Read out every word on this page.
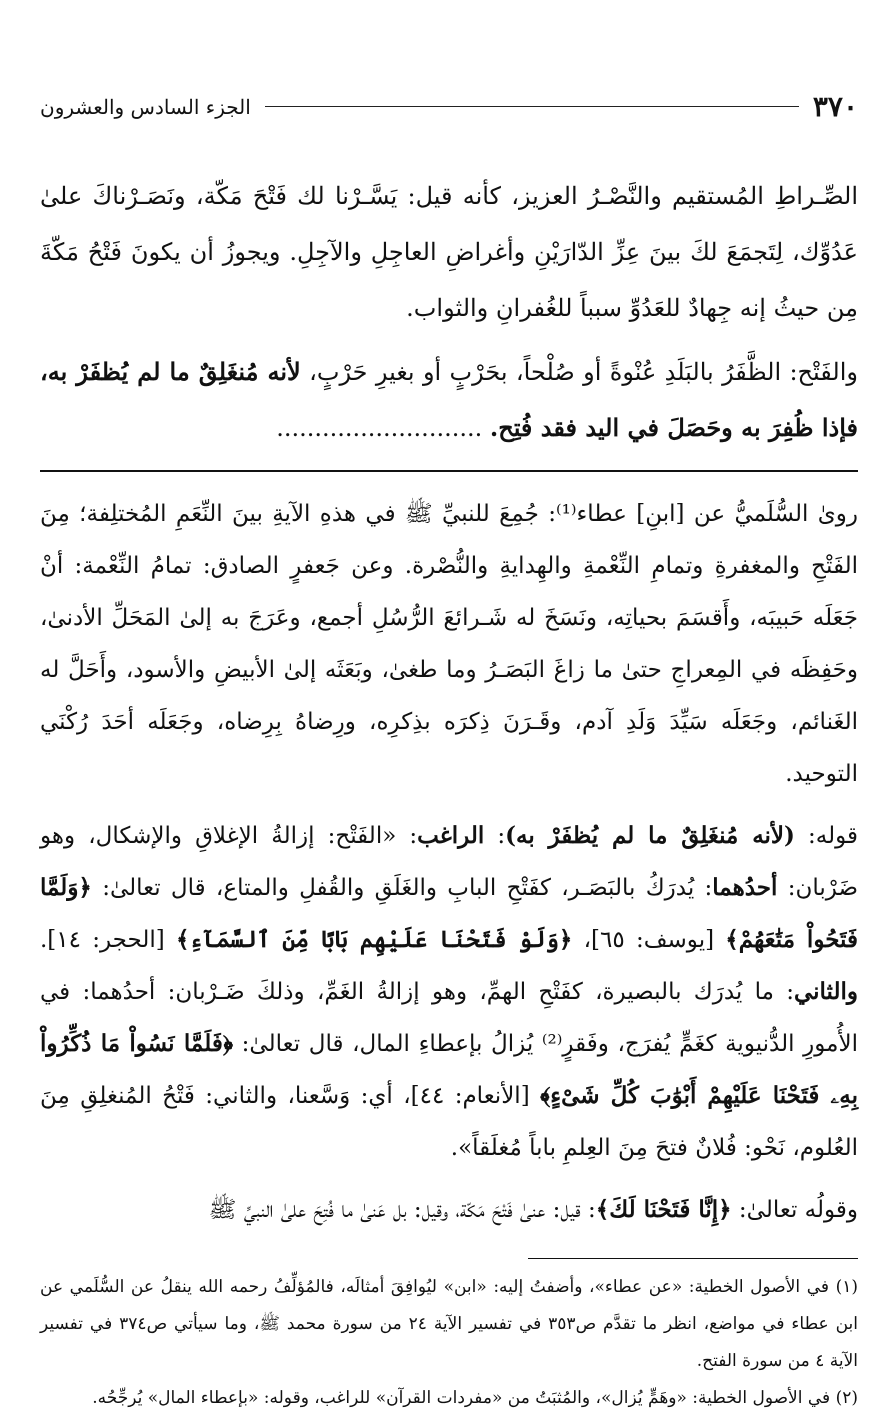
٣٧٠
الجزء السادس والعشرون

الصِّـراطِ المُستقيم والنَّصْـرُ العزيز، كأنه قيل: يَسَّـرْنا لك فَتْحَ مَكّة، ونَصَـرْناكَ علىٰ عَدُوِّك، لِتَجمَعَ لكَ بينَ عِزِّ الدّارَيْنِ وأغراضِ العاجِلِ والآجِلِ. ويجوزُ أن يكونَ فَتْحُ مَكّةَ مِن حيثُ إنه جِهادٌ للعَدُوِّ سبباً للغُفرانِ والثواب.

والفَتْح: الظَّفَرُ بالبَلَدِ عُنْوةً أو صُلْحاً، بحَرْبٍ أو بغيرِ حَرْبٍ، لأنه مُنغَلِقٌ ما لم يُظفَرْ به، فإذا ظُفِرَ به وحَصَلَ في اليد فقد فُتِح. ...........................

روىٰ السُّلَميُّ عن [ابنِ] عطاء⁽¹⁾: جُمِعَ للنبيِّ ﷺ في هذهِ الآيةِ بينَ النِّعَمِ المُختلِفة؛ مِنَ الفَتْحِ والمغفرةِ وتمامِ النِّعْمةِ والهِدايةِ والنُّصْرة. وعن جَعفرٍ الصادق: تمامُ النِّعْمة: أنْ جَعَلَه حَبيبَه، وأَقسَمَ بحياتِه، ونَسَخَ له شَـرائعَ الرُّسُلِ أجمع، وعَرَجَ به إلىٰ المَحَلِّ الأدنىٰ، وحَفِظَه في المِعراجِ حتىٰ ما زاغَ البَصَـرُ وما طغىٰ، وبَعَثَه إلىٰ الأبيضِ والأسود، وأَحَلَّ له الغَنائم، وجَعَلَه سَيِّدَ وَلَدِ آدم، وقَـرَنَ ذِكرَه بذِكرِه، ورِضاهُ بِرِضاه، وجَعَلَه أحَدَ رُكْنَي التوحيد.

قوله: (لأنه مُنغَلِقٌ ما لم يُظفَرْ به): الراغب: «الفَتْح: إزالةُ الإغلاقِ والإشكال، وهو ضَرْبان: أحدُهما: يُدرَكُ بالبَصَـر، كفَتْحِ البابِ والغَلَقِ والقُفلِ والمتاع، قال تعالىٰ: ﴿وَلَمَّا فَتَحُواْ مَتَٰعَهُمْ﴾ [يوسف: ٦٥]، ﴿وَلَوْ فَتَحْنَا عَلَيْهِم بَابًا مِّنَ ٱلسَّمَآءِ﴾ [الحجر: ١٤]. والثاني: ما يُدرَك بالبصيرة، كفَتْحِ الهمِّ، وهو إزالةُ الغَمِّ، وذلكَ ضَـرْبان: أحدُهما: في الأُمورِ الدُّنيوية كغَمٍّ يُفرَج، وفَقرٍ⁽²⁾ يُزالُ بإعطاءِ المال، قال تعالىٰ: ﴿فَلَمَّا نَسُواْ مَا ذُكِّرُواْ بِهِۦ فَتَحْنَا عَلَيْهِمْ أَبْوَٰبَ كُلِّ شَىْءٍ﴾ [الأنعام: ٤٤]، أي: وَسَّعنا، والثاني: فَتْحُ المُنغلِقِ مِنَ العُلوم، نَحْو: فُلانٌ فتحَ مِنَ العِلمِ باباً مُغلَقاً».

وقولُه تعالىٰ: ﴿إِنَّا فَتَحْنَا لَكَ﴾: قيل: عنىٰ فَتْحَ مَكّة، وقيل: بل عَنىٰ ما فُتِحَ علىٰ النبيِّ ﷺ

(١) في الأصول الخطية: «عن عطاء»، وأضفتُ إليه: «ابن» ليُوافِقَ أمثالَه، فالمُؤلِّفُ رحمه الله ينقلُ عن السُّلَمي عن ابن عطاء في مواضع، انظر ما تقدَّم ص٣٥٣ في تفسير الآية ٢٤ من سورة محمد ﷺ، وما سيأتي ص٣٧٤ في تفسير الآية ٤ من سورة الفتح.

(٢) في الأصول الخطية: «وهَمٍّ يُزال»، والمُثبَتُ من «مفردات القرآن» للراغب، وقوله: «بإعطاء المال» يُرجِّحُه.
